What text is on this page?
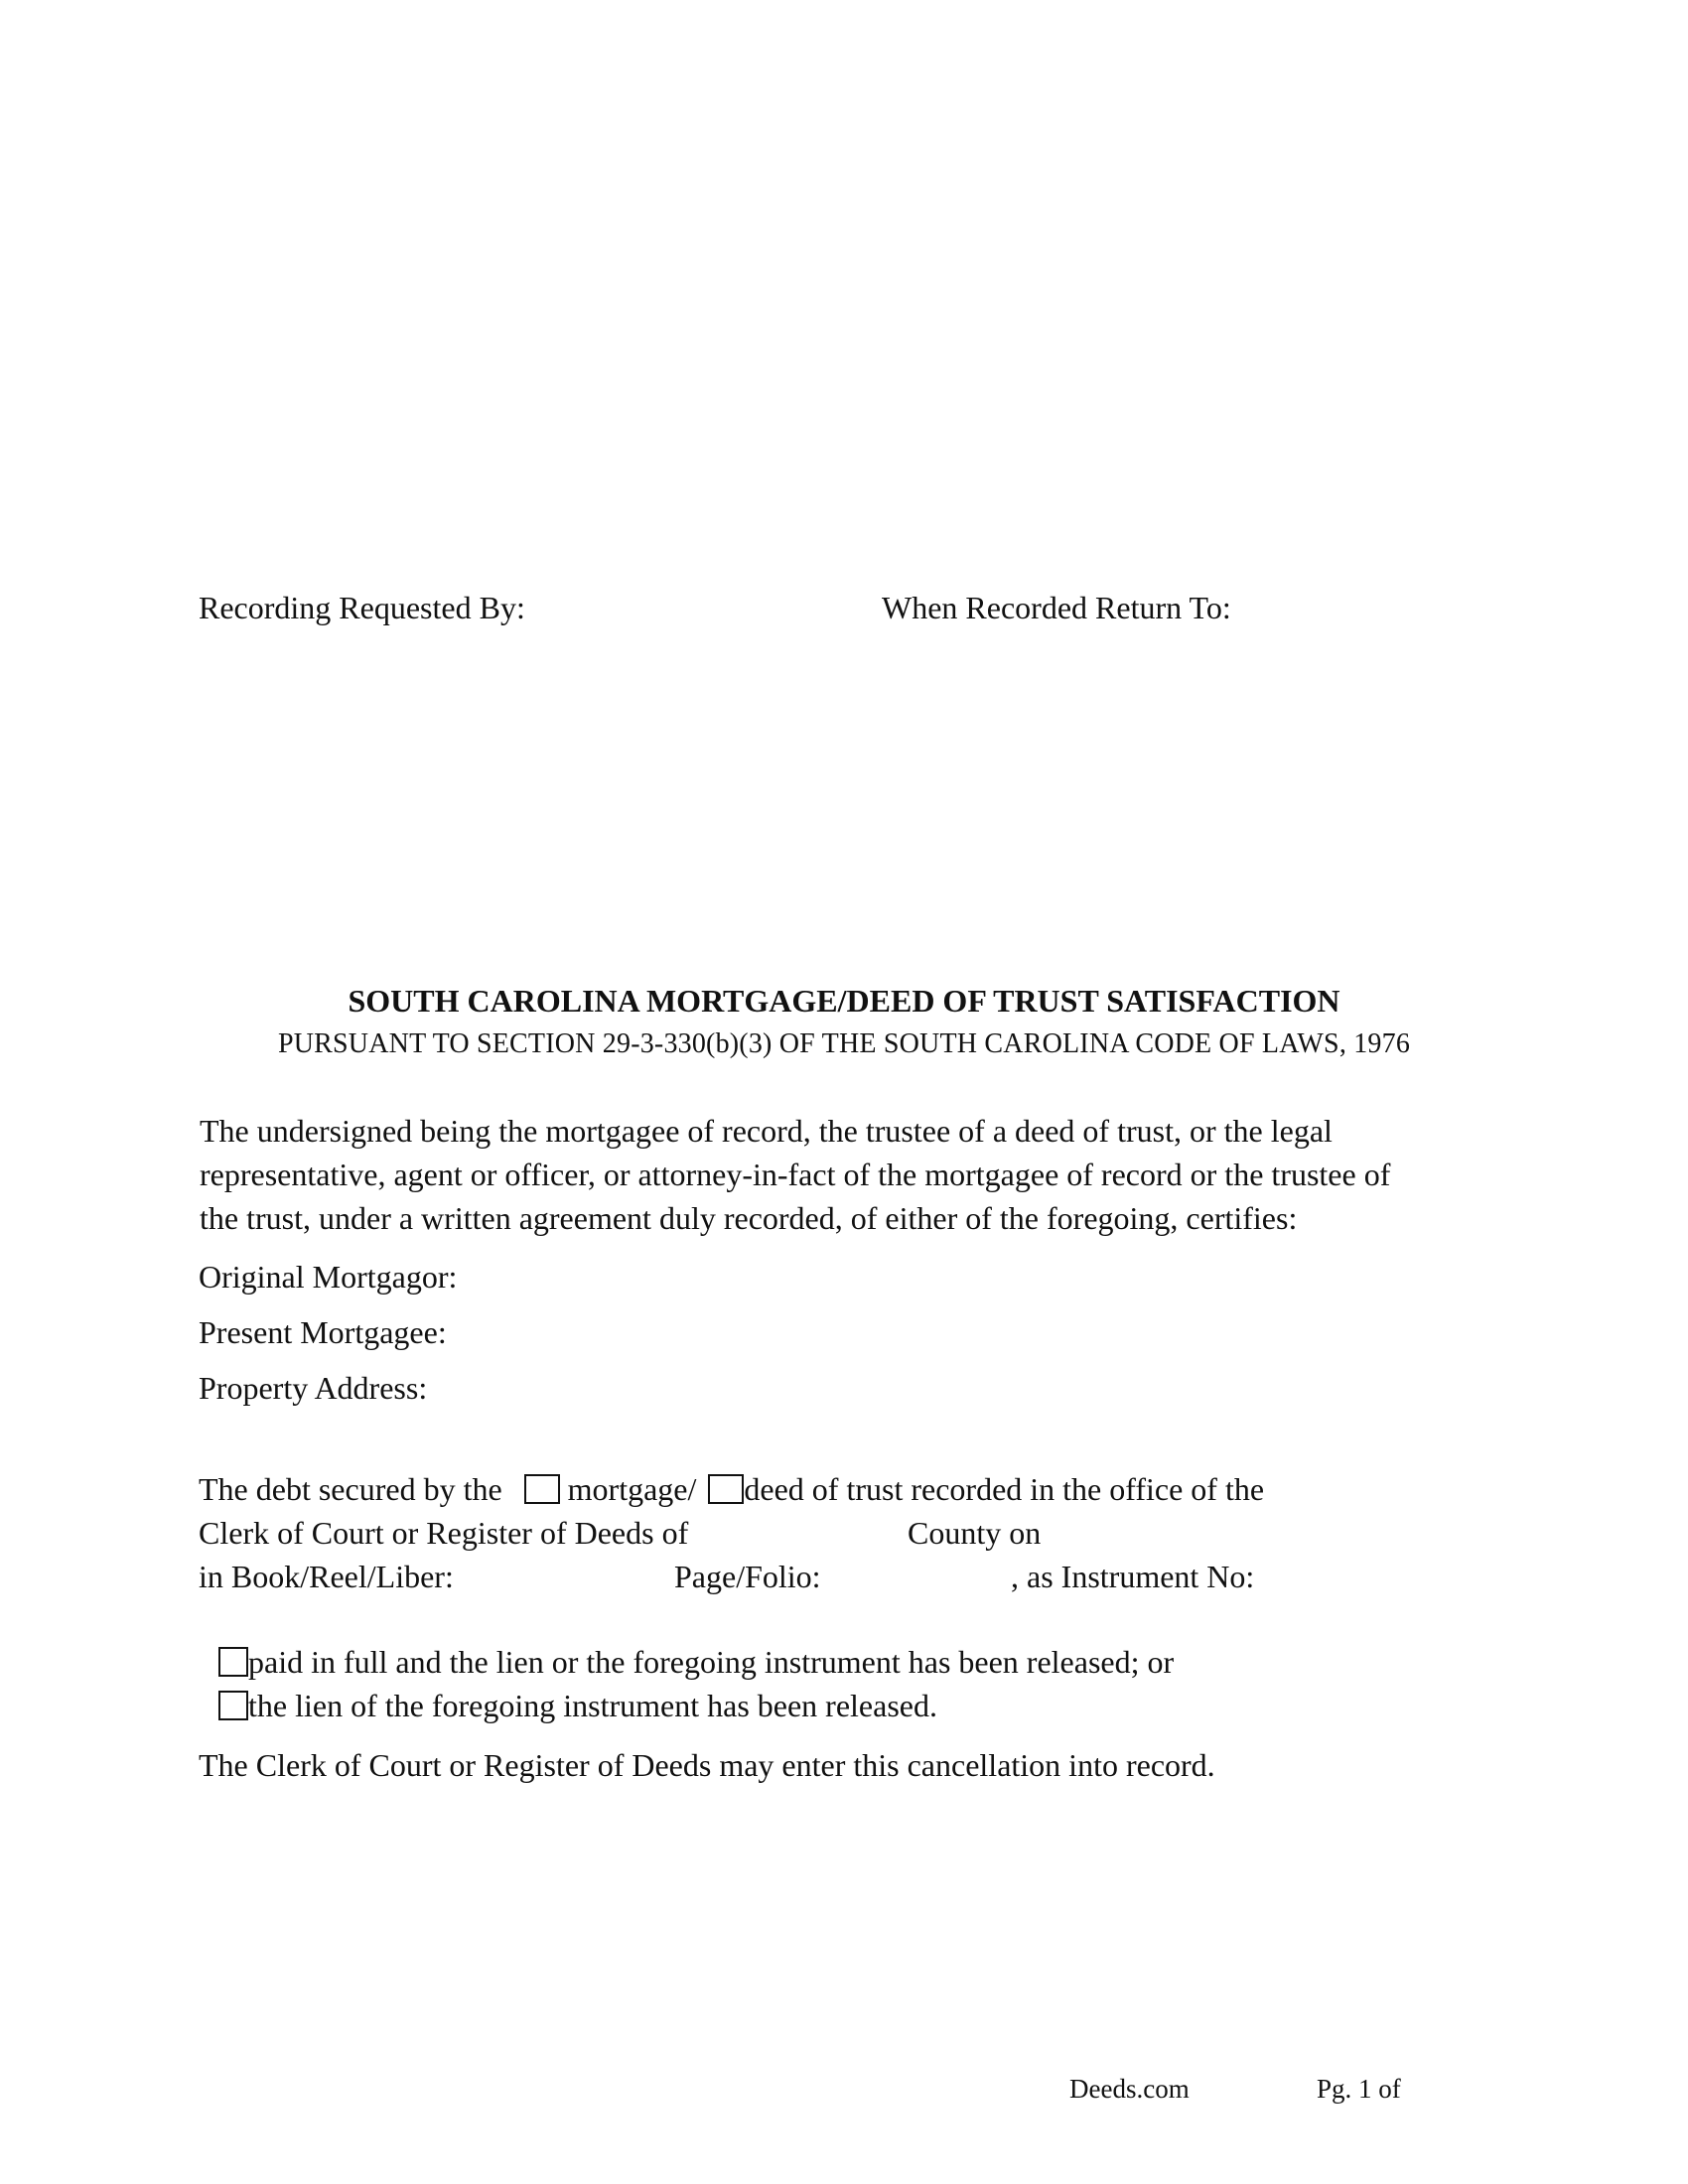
Recording Requested By:	When Recorded Return To:
SOUTH CAROLINA MORTGAGE/DEED OF TRUST SATISFACTION
PURSUANT TO SECTION 29-3-330(b)(3) OF THE SOUTH CAROLINA CODE OF LAWS, 1976
The undersigned being the mortgagee of record, the trustee of a deed of trust, or the legal
representative, agent or officer, or attorney-in-fact of the mortgagee of record or the trustee of
the trust, under a written agreement duly recorded, of either of the foregoing, certifies:
Original Mortgagor:
Present Mortgagee:
Property Address:
The debt secured by the mortgage/ deed of trust recorded in the office of the
Clerk of Court or Register of Deeds of	County on
in Book/Reel/Liber:	Page/Folio:	, as Instrument No:
paid in full and the lien or the foregoing instrument has been released; or
the lien of the foregoing instrument has been released.
The Clerk of Court or Register of Deeds may enter this cancellation into record.
Deeds.com	Pg. 1 of
